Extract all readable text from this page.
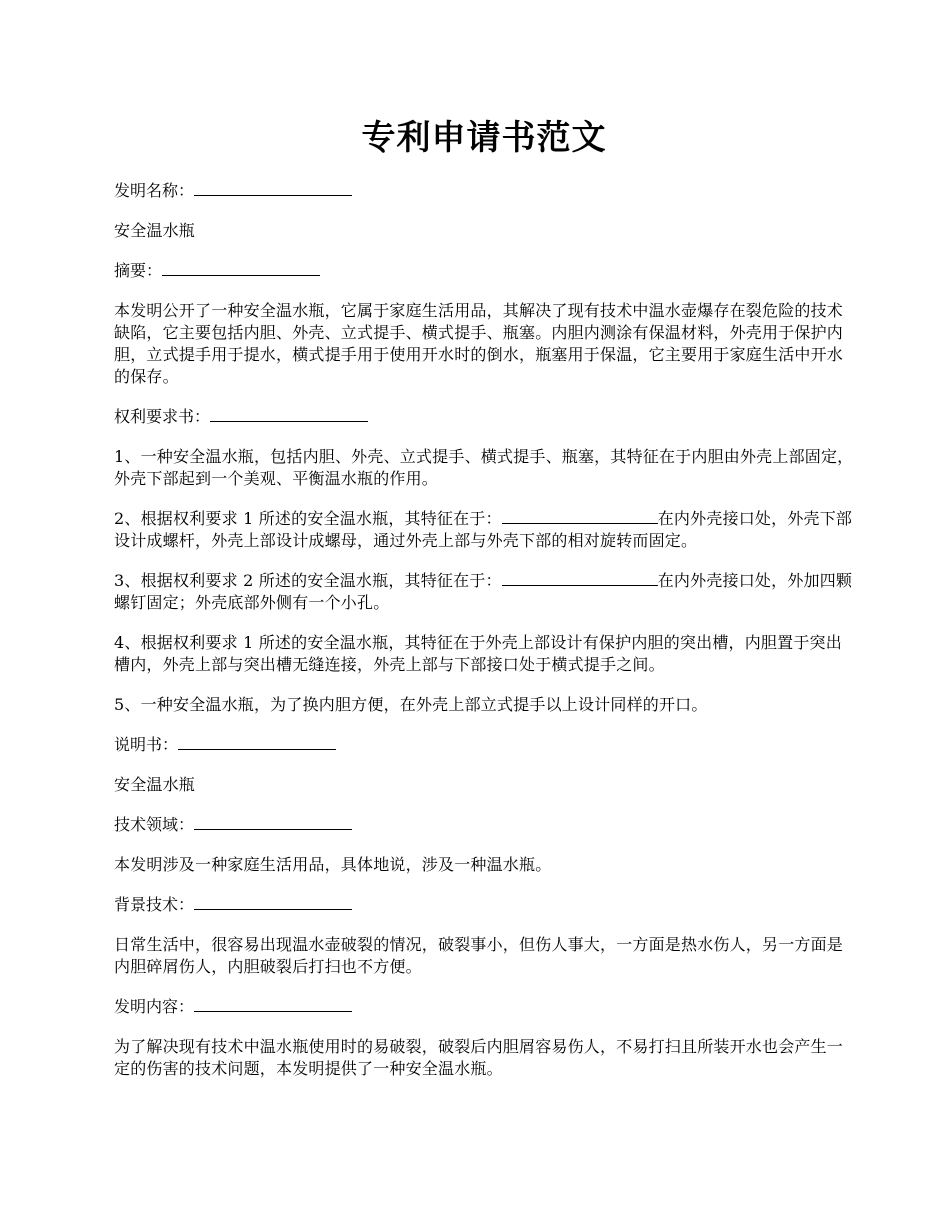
专利申请书范文
发明名称：

安全温水瓶

摘要：

本发明公开了一种安全温水瓶，它属于家庭生活用品，其解决了现有技术中温水壶爆存在裂危险的技术缺陷，它主要包括内胆、外壳、立式提手、横式提手、瓶塞。内胆内测涂有保温材料，外壳用于保护内胆，立式提手用于提水，横式提手用于使用开水时的倒水，瓶塞用于保温，它主要用于家庭生活中开水的保存。

权利要求书：

1、一种安全温水瓶，包括内胆、外壳、立式提手、横式提手、瓶塞，其特征在于内胆由外壳上部固定，外壳下部起到一个美观、平衡温水瓶的作用。

2、根据权利要求 1 所述的安全温水瓶，其特征在于：	在内外壳接口处，外壳下部设计成螺杆，外壳上部设计成螺母，通过外壳上部与外壳下部的相对旋转而固定。

3、根据权利要求 2 所述的安全温水瓶，其特征在于：	在内外壳接口处，外加四颗螺钉固定；外壳底部外侧有一个小孔。

4、根据权利要求 1 所述的安全温水瓶，其特征在于外壳上部设计有保护内胆的突出槽，内胆置于突出槽内，外壳上部与突出槽无缝连接，外壳上部与下部接口处于横式提手之间。

5、一种安全温水瓶，为了换内胆方便，在外壳上部立式提手以上设计同样的开口。

说明书：

安全温水瓶

技术领域：

本发明涉及一种家庭生活用品，具体地说，涉及一种温水瓶。

背景技术：

日常生活中，很容易出现温水壶破裂的情况，破裂事小，但伤人事大，一方面是热水伤人，另一方面是内胆碎屑伤人，内胆破裂后打扫也不方便。

发明内容：

为了解决现有技术中温水瓶使用时的易破裂，破裂后内胆屑容易伤人，不易打扫且所装开水也会产生一定的伤害的技术问题，本发明提供了一种安全温水瓶。
